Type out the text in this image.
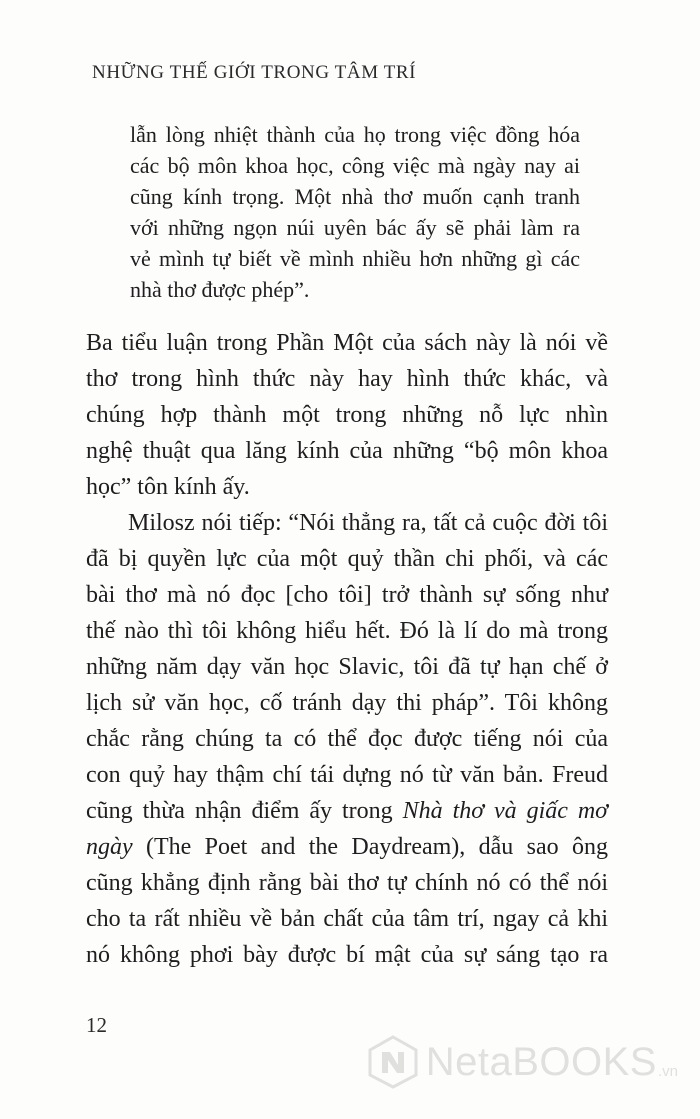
NHỮNG THẾ GIỚI TRONG TÂM TRÍ
lẫn lòng nhiệt thành của họ trong việc đồng hóa
các bộ môn khoa học, công việc mà ngày nay ai
cũng kính trọng. Một nhà thơ muốn cạnh tranh
với những ngọn núi uyên bác ấy sẽ phải làm ra
vẻ mình tự biết về mình nhiều hơn những gì các
nhà thơ được phép”.
Ba tiểu luận trong Phần Một của sách này là nói về
thơ trong hình thức này hay hình thức khác, và
chúng hợp thành một trong những nỗ lực nhìn
nghệ thuật qua lăng kính của những “bộ môn khoa
học” tôn kính ấy.
Milosz nói tiếp: “Nói thẳng ra, tất cả cuộc đời tôi
đã bị quyền lực của một quỷ thần chi phối, và các
bài thơ mà nó đọc [cho tôi] trở thành sự sống như
thế nào thì tôi không hiểu hết. Đó là lí do mà trong
những năm dạy văn học Slavic, tôi đã tự hạn chế ở
lịch sử văn học, cố tránh dạy thi pháp”. Tôi không
chắc rằng chúng ta có thể đọc được tiếng nói của
con quỷ hay thậm chí tái dựng nó từ văn bản. Freud
cũng thừa nhận điểm ấy trong Nhà thơ và giấc mơ
ngày (The Poet and the Daydream), dẫu sao ông
cũng khẳng định rằng bài thơ tự chính nó có thể nói
cho ta rất nhiều về bản chất của tâm trí, ngay cả khi
nó không phơi bày được bí mật của sự sáng tạo ra
12
NetaBOOKS .vn
